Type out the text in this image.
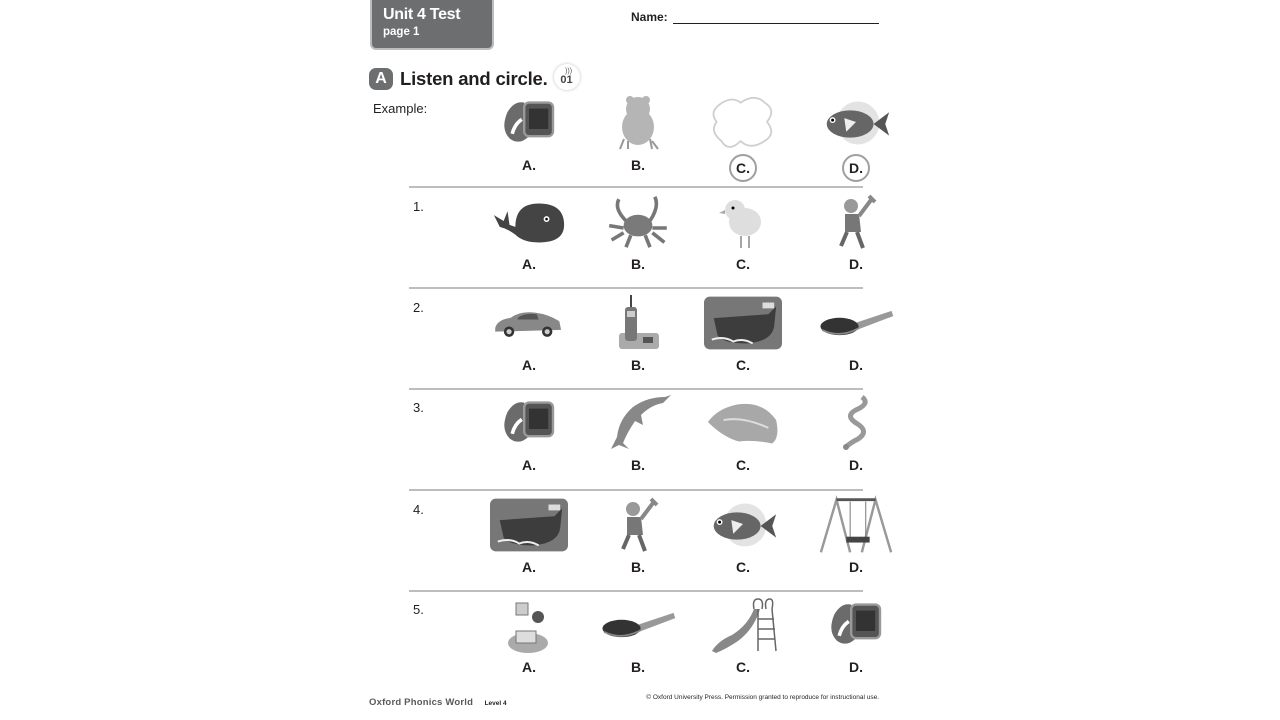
Unit 4 Test
page 1
Name:
A Listen and circle.	)))
01
Example:
A.	B.	C.	D.
1.
A.	B.	C.	D.
2.
A.	B.	C.	D.
3.
A.	B.	C.	D.
4.
A.	B.	C.	D.
5.
A.	B.	C.	D.
Oxford Phonics World Level 4
© Oxford University Press. Permission granted to reproduce for instructional use.
